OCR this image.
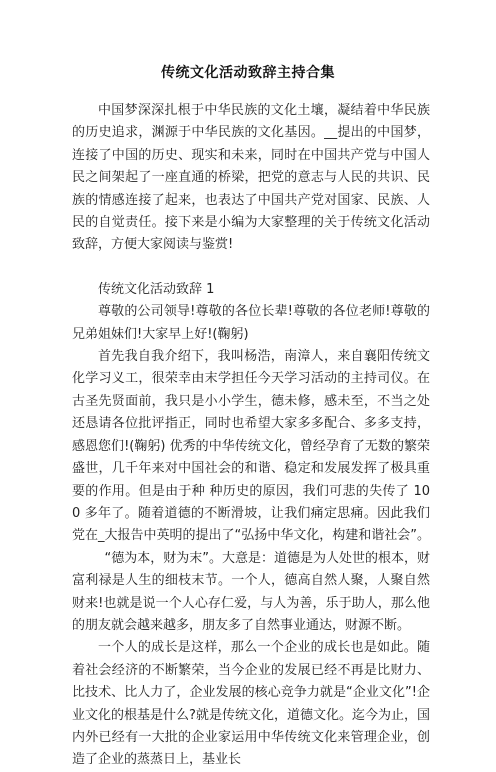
传统文化活动致辞主持合集

中国梦深深扎根于中华民族的文化土壤，凝结着中华民族的历史追求，渊源于中华民族的文化基因。__提出的中国梦，连接了中国的历史、现实和未来，同时在中国共产党与中国人民之间架起了一座直通的桥梁，把党的意志与人民的共识、民族的情感连接了起来，也表达了中国共产党对国家、民族、人民的自觉责任。接下来是小编为大家整理的关于传统文化活动致辞，方便大家阅读与鉴赏!

传统文化活动致辞 1

尊敬的公司领导!尊敬的各位长辈!尊敬的各位老师!尊敬的兄弟姐妹们!大家早上好!(鞠躬)

首先我自我介绍下，我叫杨浩，南漳人，来自襄阳传统文化学习义工，很荣幸由末学担任今天学习活动的主持司仪。在古圣先贤面前，我只是小小学生，德未修，感未至，不当之处还恳请各位批评指正，同时也希望大家多多配合、多多支持，感恩您们!(鞠躬) 优秀的中华传统文化，曾经孕育了无数的繁荣盛世，几千年来对中国社会的和谐、稳定和发展发挥了极具重要的作用。但是由于种 种历史的原因，我们可悲的失传了 100 多年了。随着道德的不断滑坡，让我们痛定思痛。因此我们党在_大报告中英明的提出了“弘扬中华文化，构建和谐社会”。

“德为本，财为末”。大意是：道德是为人处世的根本，财富利禄是人生的细枝末节。一个人，德高自然人聚，人聚自然财来!也就是说一个人心存仁爱，与人为善，乐于助人，那么他的朋友就会越来越多，朋友多了自然事业通达，财源不断。

一个人的成长是这样，那么一个企业的成长也是如此。随着社会经济的不断繁荣，当今企业的发展已经不再是比财力、比技术、比人力了，企业发展的核心竞争力就是“企业文化”!企业文化的根基是什么?就是传统文化，道德文化。迄今为止，国内外已经有一大批的企业家运用中华传统文化来管理企业，创造了企业的蒸蒸日上，基业长
